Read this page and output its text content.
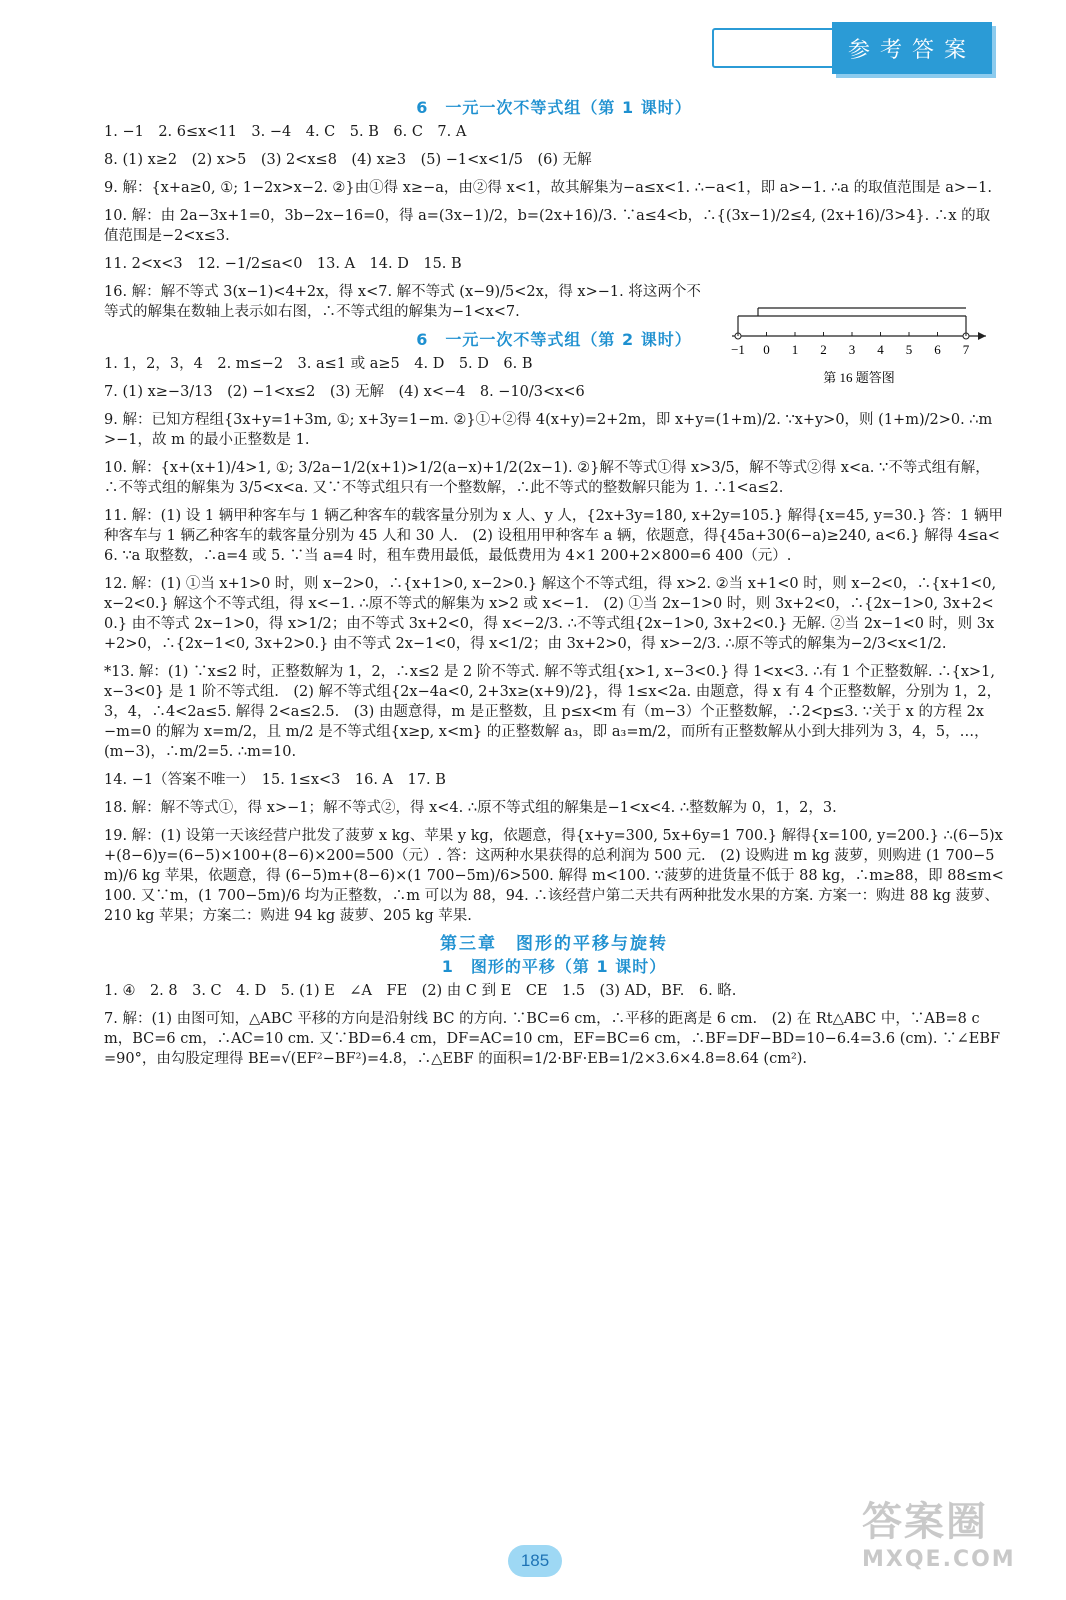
参考答案
6　一元一次不等式组（第 1 课时）

1. −1　2. 6≤x<11　3. −4　4. C　5. B　6. C　7. A

8. (1) x≥2　(2) x>5　(3) 2<x≤8　(4) x≥3　(5) −1<x<1/5　(6) 无解

9. 解：{x+a≥0, ①; 1−2x>x−2. ②}由①得 x≥−a，由②得 x<1，故其解集为−a≤x<1. ∴−a<1，即 a>−1. ∴a 的取值范围是 a>−1.

10. 解：由 2a−3x+1=0，3b−2x−16=0，得 a=(3x−1)/2，b=(2x+16)/3. ∵a≤4<b，∴{(3x−1)/2≤4, (2x+16)/3>4}. ∴x 的取值范围是−2<x≤3.

11. 2<x<3　12. −1/2≤a<0　13. A　14. D　15. B

16. 解：解不等式 3(x−1)<4+2x，得 x<7. 解不等式 (x−9)/5<2x，得 x>−1. 将这两个不等式的解集在数轴上表示如右图，∴不等式组的解集为−1<x<7.

6　一元一次不等式组（第 2 课时）

1. 1，2，3，4　2. m≤−2　3. a≤1 或 a≥5　4. D　5. D　6. B

7. (1) x≥−3/13　(2) −1<x≤2　(3) 无解　(4) x<−4　8. −10/3<x<6

9. 解：已知方程组{3x+y=1+3m, ①; x+3y=1−m. ②}①+②得 4(x+y)=2+2m，即 x+y=(1+m)/2. ∵x+y>0，则 (1+m)/2>0. ∴m>−1，故 m 的最小正整数是 1.

10. 解：{x+(x+1)/4>1, ①; 3/2a−1/2(x+1)>1/2(a−x)+1/2(2x−1). ②}解不等式①得 x>3/5，解不等式②得 x<a. ∵不等式组有解，∴不等式组的解集为 3/5<x<a. 又∵不等式组只有一个整数解，∴此不等式的整数解只能为 1. ∴1<a≤2.

11. 解：(1) 设 1 辆甲种客车与 1 辆乙种客车的载客量分别为 x 人、y 人，{2x+3y=180, x+2y=105.} 解得{x=45, y=30.} 答：1 辆甲种客车与 1 辆乙种客车的载客量分别为 45 人和 30 人.　(2) 设租用甲种客车 a 辆，依题意，得{45a+30(6−a)≥240, a<6.} 解得 4≤a<6. ∵a 取整数，∴a=4 或 5. ∵当 a=4 时，租车费用最低，最低费用为 4×1 200+2×800=6 400（元）.

12. 解：(1) ①当 x+1>0 时，则 x−2>0，∴{x+1>0, x−2>0.} 解这个不等式组，得 x>2. ②当 x+1<0 时，则 x−2<0，∴{x+1<0, x−2<0.} 解这个不等式组，得 x<−1. ∴原不等式的解集为 x>2 或 x<−1.　(2) ①当 2x−1>0 时，则 3x+2<0，∴{2x−1>0, 3x+2<0.} 由不等式 2x−1>0，得 x>1/2；由不等式 3x+2<0，得 x<−2/3. ∴不等式组{2x−1>0, 3x+2<0.} 无解. ②当 2x−1<0 时，则 3x+2>0，∴{2x−1<0, 3x+2>0.} 由不等式 2x−1<0，得 x<1/2；由 3x+2>0，得 x>−2/3. ∴原不等式的解集为−2/3<x<1/2.

*13. 解：(1) ∵x≤2 时，正整数解为 1，2，∴x≤2 是 2 阶不等式. 解不等式组{x>1, x−3<0.} 得 1<x<3. ∴有 1 个正整数解. ∴{x>1, x−3<0} 是 1 阶不等式组.　(2) 解不等式组{2x−4a<0, 2+3x≥(x+9)/2}，得 1≤x<2a. 由题意，得 x 有 4 个正整数解，分别为 1，2，3，4，∴4<2a≤5. 解得 2<a≤2.5.　(3) 由题意得，m 是正整数，且 p≤x<m 有（m−3）个正整数解，∴2<p≤3. ∵关于 x 的方程 2x−m=0 的解为 x=m/2，且 m/2 是不等式组{x≥p, x<m} 的正整数解 a₃，即 a₃=m/2，而所有正整数解从小到大排列为 3，4，5，…，(m−3)，∴m/2=5. ∴m=10.

14. −1（答案不唯一）　15. 1≤x<3　16. A　17. B

18. 解：解不等式①，得 x>−1；解不等式②，得 x<4. ∴原不等式组的解集是−1<x<4. ∴整数解为 0，1，2，3.

19. 解：(1) 设第一天该经营户批发了菠萝 x kg、苹果 y kg，依题意，得{x+y=300, 5x+6y=1 700.} 解得{x=100, y=200.} ∴(6−5)x+(8−6)y=(6−5)×100+(8−6)×200=500（元）. 答：这两种水果获得的总利润为 500 元.　(2) 设购进 m kg 菠萝，则购进 (1 700−5m)/6 kg 苹果，依题意，得 (6−5)m+(8−6)×(1 700−5m)/6>500. 解得 m<100. ∵菠萝的进货量不低于 88 kg，∴m≥88，即 88≤m<100. 又∵m，(1 700−5m)/6 均为正整数，∴m 可以为 88，94. ∴该经营户第二天共有两种批发水果的方案. 方案一：购进 88 kg 菠萝、210 kg 苹果；方案二：购进 94 kg 菠萝、205 kg 苹果.

第三章　图形的平移与旋转
1　图形的平移（第 1 课时）

1. ④　2. 8　3. C　4. D　5. (1) E　∠A　FE　(2) 由 C 到 E　CE　1.5　(3) AD，BF.　6. 略.

7. 解：(1) 由图可知，△ABC 平移的方向是沿射线 BC 的方向. ∵BC=6 cm，∴平移的距离是 6 cm.　(2) 在 Rt△ABC 中，∵AB=8 cm，BC=6 cm，∴AC=10 cm. 又∵BD=6.4 cm，DF=AC=10 cm，EF=BC=6 cm，∴BF=DF−BD=10−6.4=3.6 (cm). ∵∠EBF=90°，由勾股定理得 BE=√(EF²−BF²)=4.8，∴△EBF 的面积=1/2·BF·EB=1/2×3.6×4.8=8.64 (cm²).

−1 0 1 2 3 4 5 6 7
第 16 题答图
185
答案圈
MXQE.COM
